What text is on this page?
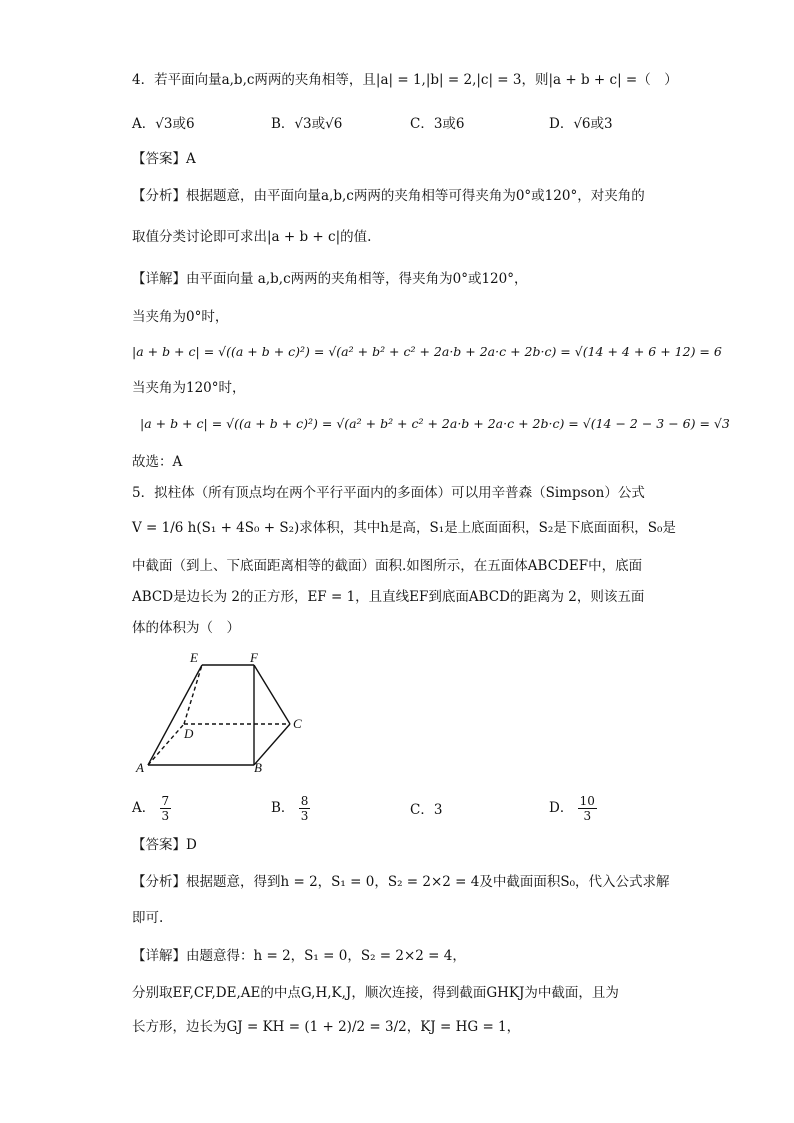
4．若平面向量a,b,c两两的夹角相等，且|a| = 1,|b| = 2,|c| = 3，则|a + b + c| =（　）
A．√3或6	B．√3或√6	C．3或6	D．√6或3
【答案】A
【分析】根据题意，由平面向量a,b,c两两的夹角相等可得夹角为0°或120°，对夹角的
取值分类讨论即可求出|a + b + c|的值.
【详解】由平面向量 a,b,c两两的夹角相等，得夹角为0°或120°，
当夹角为0°时，
|a + b + c| = √((a + b + c)²) = √(a² + b² + c² + 2a·b + 2a·c + 2b·c) = √(14 + 4 + 6 + 12) = 6
当夹角为120°时，
|a + b + c| = √((a + b + c)²) = √(a² + b² + c² + 2a·b + 2a·c + 2b·c) = √(14 − 2 − 3 − 6) = √3
故选：A
5．拟柱体（所有顶点均在两个平行平面内的多面体）可以用辛普森（Simpson）公式
V = 1/6 h(S₁ + 4S₀ + S₂)求体积，其中h是高，S₁是上底面面积，S₂是下底面面积，S₀是
中截面（到上、下底面距离相等的截面）面积.如图所示，在五面体ABCDEF中，底面
ABCD是边长为 2的正方形，EF = 1，且直线EF到底面ABCD的距离为 2，则该五面
体的体积为（　）
E	F
C
D
A	B
A． $\frac{7}{3}$	B． $\frac{8}{3}$	C．3	D． $\frac{10}{3}$
【答案】D
【分析】根据题意，得到h = 2，S₁ = 0，S₂ = 2×2 = 4及中截面面积S₀，代入公式求解
即可.
【详解】由题意得：h = 2，S₁ = 0，S₂ = 2×2 = 4，
分别取EF,CF,DE,AE的中点G,H,K,J，顺次连接，得到截面GHKJ为中截面，且为
长方形，边长为GJ = KH = (1 + 2)/2 = 3/2，KJ = HG = 1，
